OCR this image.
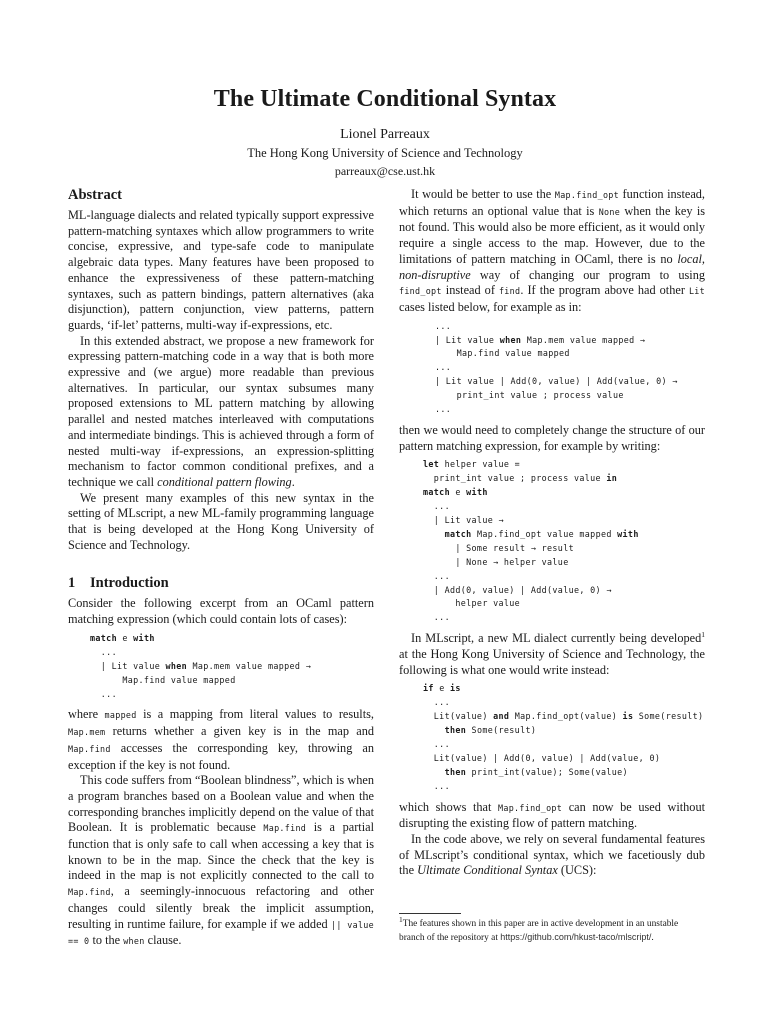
The Ultimate Conditional Syntax
Lionel Parreaux
The Hong Kong University of Science and Technology
parreaux@cse.ust.hk
Abstract

ML-language dialects and related typically support expressive pattern-matching syntaxes which allow programmers to write concise, expressive, and type-safe code to manipulate algebraic data types. Many features have been proposed to enhance the expressiveness of these pattern-matching syntaxes, such as pattern bindings, pattern alternatives (aka disjunction), pattern conjunction, view patterns, pattern guards, ‘if-let’ patterns, multi-way if-expressions, etc.

In this extended abstract, we propose a new framework for expressing pattern-matching code in a way that is both more expressive and (we argue) more readable than previous alternatives. In particular, our syntax subsumes many proposed extensions to ML pattern matching by allowing parallel and nested matches interleaved with computations and intermediate bindings. This is achieved through a form of nested multi-way if-expressions, an expression-splitting mechanism to factor common conditional prefixes, and a technique we call conditional pattern flowing.

We present many examples of this new syntax in the setting of MLscript, a new ML-family programming language that is being developed at the Hong Kong University of Science and Technology.

1 Introduction

Consider the following excerpt from an OCaml pattern matching expression (which could contain lots of cases):

match e with
...
| Lit value when Map.mem value mapped →
Map.find value mapped
...

where mapped is a mapping from literal values to results, Map.mem returns whether a given key is in the map and Map.find accesses the corresponding key, throwing an exception if the key is not found.

This code suffers from “Boolean blindness”, which is when a program branches based on a Boolean value and when the corresponding branches implicitly depend on the value of that Boolean. It is problematic because Map.find is a partial function that is only safe to call when accessing a key that is known to be in the map. Since the check that the key is indeed in the map is not explicitly connected to the call to Map.find, a seemingly-innocuous refactoring and other changes could silently break the implicit assumption, resulting in runtime failure, for example if we added || value == 0 to the when clause.

It would be better to use the Map.find_opt function instead, which returns an optional value that is None when the key is not found. This would also be more efficient, as it would only require a single access to the map. However, due to the limitations of pattern matching in OCaml, there is no local, non-disruptive way of changing our program to using find_opt instead of find. If the program above had other Lit cases listed below, for example as in:

...
| Lit value when Map.mem value mapped →
Map.find value mapped
...
| Lit value | Add(0, value) | Add(value, 0) →
print_int value ; process value
...

then we would need to completely change the structure of our pattern matching expression, for example by writing:

let helper value =
print_int value ; process value in
match e with
...
| Lit value →
match Map.find_opt value mapped with
| Some result → result
| None → helper value
...
| Add(0, value) | Add(value, 0) →
helper value
...

In MLscript, a new ML dialect currently being developed$^1$ at the Hong Kong University of Science and Technology, the following is what one would write instead:

if e is
...
Lit(value) and Map.find_opt(value) is Some(result)
then Some(result)
...
Lit(value) | Add(0, value) | Add(value, 0)
then print_int(value); Some(value)
...

which shows that Map.find_opt can now be used without disrupting the existing flow of pattern matching.

In the code above, we rely on several fundamental features of MLscript’s conditional syntax, which we facetiously dub the Ultimate Conditional Syntax (UCS):

$^1$The features shown in this paper are in active development in an unstable branch of the repository at https://github.com/hkust-taco/mlscript/.
